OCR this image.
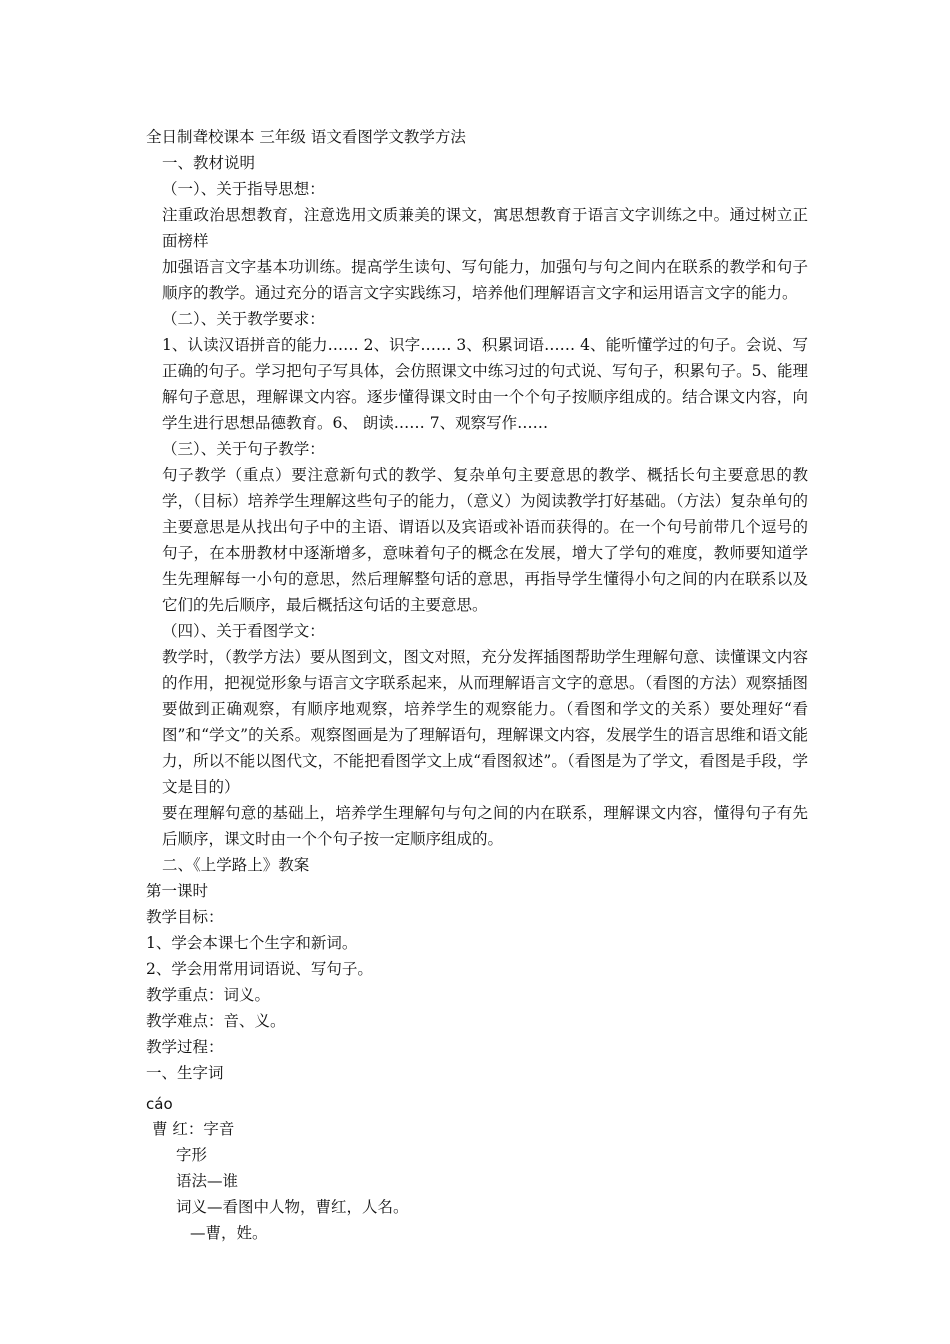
全日制聋校课本 三年级 语文看图学文教学方法
一、教材说明
（一）、关于指导思想：
注重政治思想教育，注意选用文质兼美的课文，寓思想教育于语言文字训练之中。通过树立正面榜样
加强语言文字基本功训练。提高学生读句、写句能力，加强句与句之间内在联系的教学和句子顺序的教学。通过充分的语言文字实践练习，培养他们理解语言文字和运用语言文字的能力。
（二）、关于教学要求：
1、认读汉语拼音的能力…… 2、识字…… 3、积累词语…… 4、能听懂学过的句子。会说、写正确的句子。学习把句子写具体，会仿照课文中练习过的句式说、写句子，积累句子。5、能理解句子意思，理解课文内容。逐步懂得课文时由一个个句子按顺序组成的。结合课文内容，向学生进行思想品德教育。6、 朗读…… 7、观察写作……
（三）、关于句子教学：
句子教学（重点）要注意新句式的教学、复杂单句主要意思的教学、概括长句主要意思的教学，（目标）培养学生理解这些句子的能力，（意义）为阅读教学打好基础。（方法）复杂单句的主要意思是从找出句子中的主语、谓语以及宾语或补语而获得的。在一个句号前带几个逗号的句子，在本册教材中逐渐增多，意味着句子的概念在发展，增大了学句的难度，教师要知道学生先理解每一小句的意思，然后理解整句话的意思，再指导学生懂得小句之间的内在联系以及它们的先后顺序，最后概括这句话的主要意思。
（四）、关于看图学文：
教学时，（教学方法）要从图到文，图文对照，充分发挥插图帮助学生理解句意、读懂课文内容的作用，把视觉形象与语言文字联系起来，从而理解语言文字的意思。（看图的方法）观察插图要做到正确观察，有顺序地观察，培养学生的观察能力。（看图和学文的关系）要处理好“看图”和“学文”的关系。观察图画是为了理解语句，理解课文内容，发展学生的语言思维和语文能力，所以不能以图代文，不能把看图学文上成“看图叙述”。（看图是为了学文，看图是手段，学文是目的）
要在理解句意的基础上，培养学生理解句与句之间的内在联系，理解课文内容，懂得句子有先后顺序，课文时由一个个句子按一定顺序组成的。
二、《上学路上》教案
第一课时
教学目标：
1、学会本课七个生字和新词。
2、学会用常用词语说、写句子。
教学重点：词义。
教学难点：音、义。
教学过程：
一、生字词
cáo
曹 红：字音
字形
语法—谁
词义—看图中人物，曹红，人名。
—曹，姓。
